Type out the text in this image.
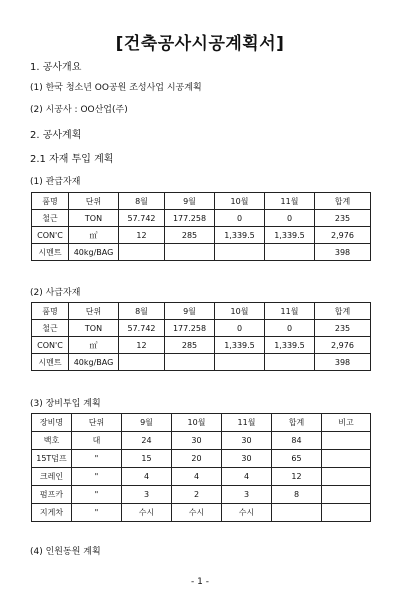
[건축공사시공계획서]

1. 공사개요

(1) 한국 청소년 OO공원 조성사업 시공계획

(2) 시공사 : OO산업(주)

2. 공사계획

2.1 자재 투입 계획

(1) 관급자재

품명	단위	8월	9월	10월	11월	합계
철근	TON	57.742	177.258	0	0	235
CON'C	㎥	12	285	1,339.5	1,339.5	2,976
시멘트	40kg/BAG					398

(2) 사급자재

품명	단위	8월	9월	10월	11월	합계
철근	TON	57.742	177.258	0	0	235
CON'C	㎥	12	285	1,339.5	1,339.5	2,976
시멘트	40kg/BAG					398

(3) 장비투입 계획

장비명	단위	9월	10월	11월	합계	비고
백호	대	24	30	30	84	
15T덤프	"	15	20	30	65	
크레인	"	4	4	4	12	
펌프카	"	3	2	3	8	
지게차	"	수시	수시	수시		

(4) 인원동원 계획

- 1 -
